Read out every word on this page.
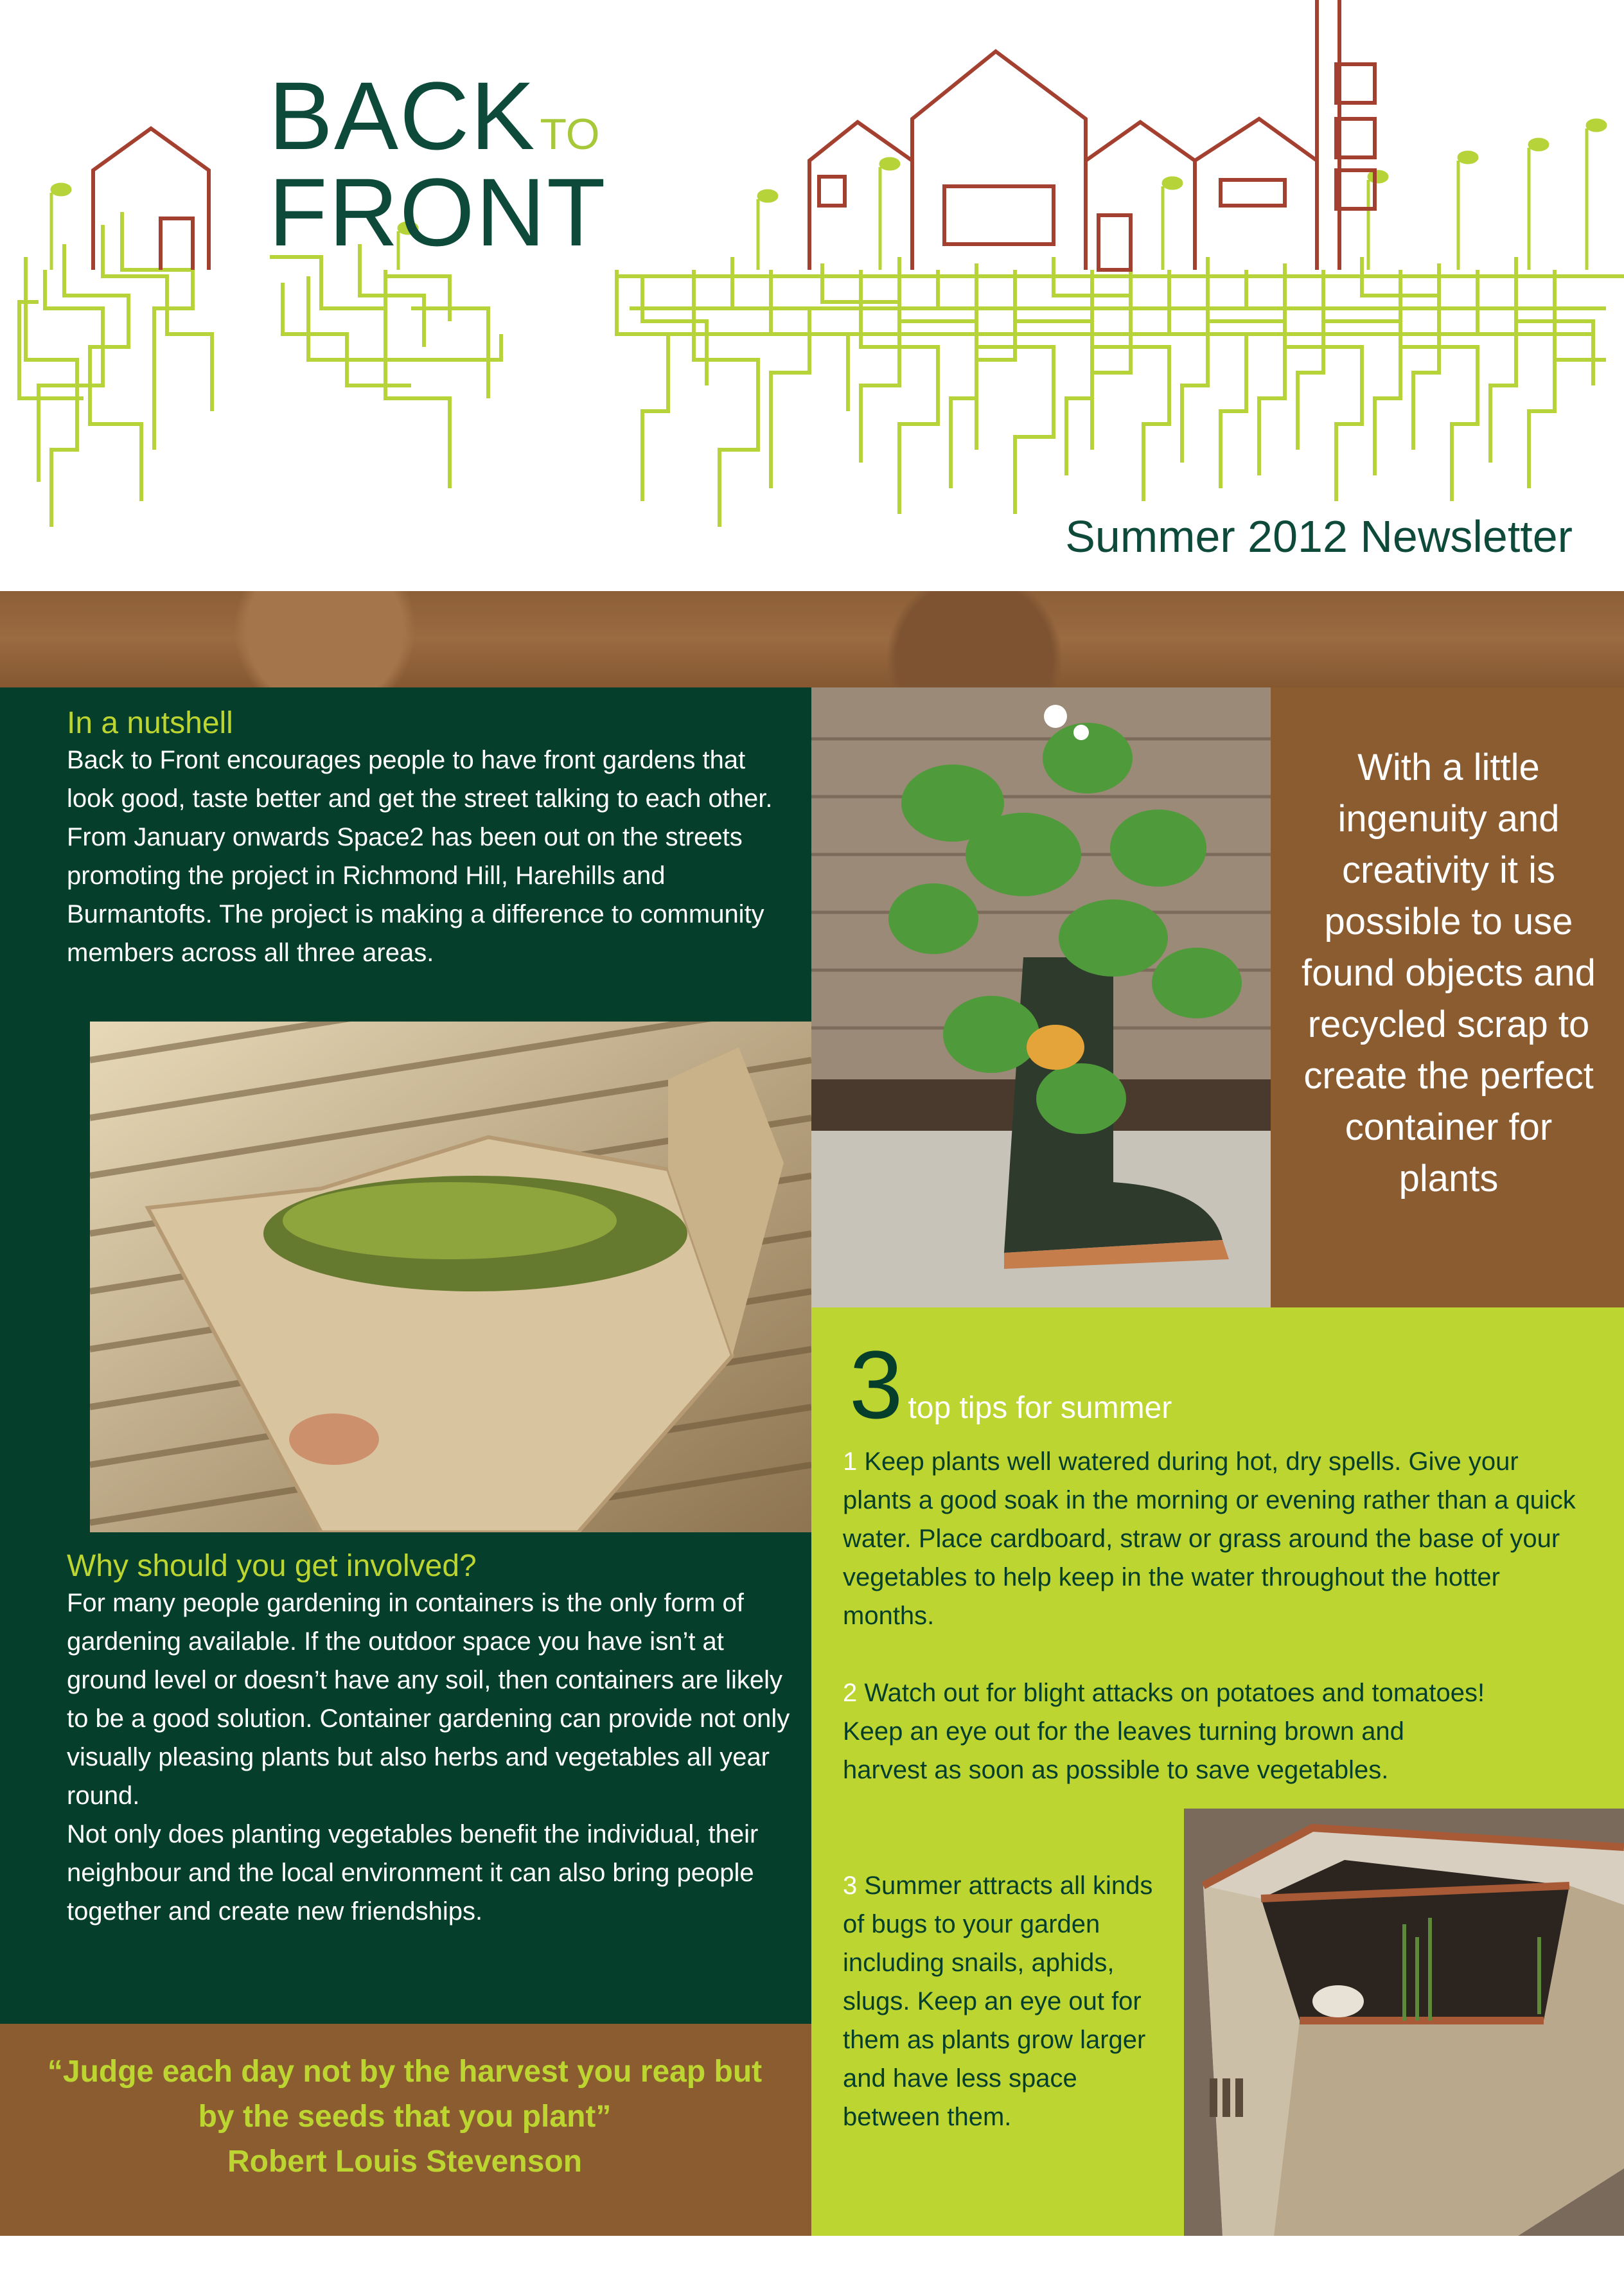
BACKTO
FRONT
Summer 2012 Newsletter
In a nutshell

Back to Front encourages people to have front gardens that look good, taste better and get the street talking to each other. From January onwards Space2 has been out on the streets promoting the project in Richmond Hill, Harehills and Burmantofts. The project is making a difference to community members across all three areas.

Why should you get involved?

For many people gardening in containers is the only form of gardening available. If the outdoor space you have isn’t at ground level or doesn’t have any soil, then containers are likely to be a good solution. Container gardening can provide not only visually pleasing plants but also herbs and vegetables all year round.

Not only does planting vegetables benefit the individual, their neighbour and the local environment it can also bring people together and create new friendships.

With a little ingenuity and creativity it is possible to use found objects and recycled scrap to create the perfect container for plants
3 top tips for summer

1 Keep plants well watered during hot, dry spells. Give your plants a good soak in the morning or evening rather than a quick water. Place cardboard, straw or grass around the base of your vegetables to help keep in the water throughout the hotter months.

2 Watch out for blight attacks on potatoes and tomatoes! Keep an eye out for the leaves turning brown and harvest as soon as possible to save vegetables.

3 Summer attracts all kinds of bugs to your garden including snails, aphids, slugs. Keep an eye out for them as plants grow larger and have less space between them.

“Judge each day not by the harvest you reap but by the seeds that you plant”
Robert Louis Stevenson
